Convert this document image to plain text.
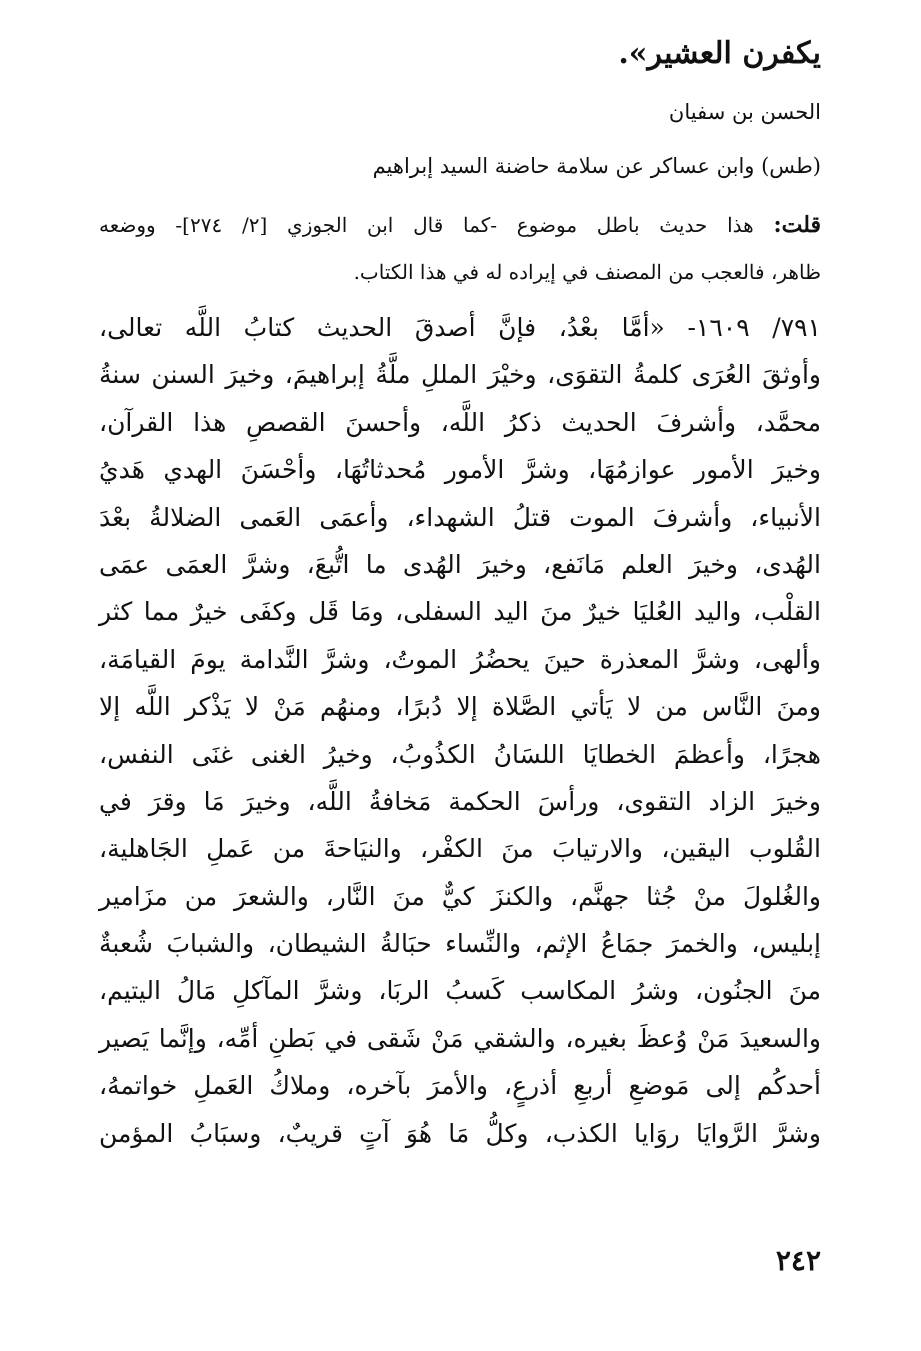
يكفرن العشير».
الحسن بن سفيان
(طس) وابن عساكر عن سلامة حاضنة السيد إبراهيم
قلت: هذا حديث باطل موضوع -كما قال ابن الجوزي [٢/ ٢٧٤]- ووضعه
ظاهر، فالعجب من المصنف في إيراده له في هذا الكتاب.
٧٩١/ ١٦٠٩- «أمَّا بعْدُ، فإنَّ أصدقَ الحديث كتابُ اللَّه تعالى،
وأوثقَ العُرَى كلمةُ التقوَى، وخيْرَ المللِ ملَّةُ إبراهيمَ، وخيرَ السنن سنةُ
محمَّد، وأشرفَ الحديث ذكرُ اللَّه، وأحسنَ القصصِ هذا القرآن،
وخيرَ الأمور عوازمُهَا، وشرَّ الأمور مُحدثاتُهَا، وأحْسَنَ الهدي هَديُ
الأنبياء، وأشرفَ الموت قتلُ الشهداء، وأعمَى العَمى الضلالةُ بعْدَ
الهُدى، وخيرَ العلم مَانَفع، وخيرَ الهُدى ما اتُّبعَ، وشرَّ العمَى عمَى
القلْب، واليد العُليَا خيرٌ منَ اليد السفلى، ومَا قَل وكفَى خيرٌ مما كثر
وألهى، وشرَّ المعذرة حينَ يحضُرُ الموتُ، وشرَّ النَّدامة يومَ القيامَة،
ومنَ النَّاس من لا يَأتي الصَّلاة إلا دُبرًا، ومنهُم مَنْ لا يَذْكر اللَّه إلا
هجرًا، وأعظمَ الخطايَا اللسَانُ الكذُوبُ، وخيرُ الغنى غنَى النفس،
وخيرَ الزاد التقوى، ورأسَ الحكمة مَخافةُ اللَّه، وخيرَ مَا وقرَ في
القُلوب اليقين، والارتيابَ منَ الكفْر، والنيَاحةَ من عَملِ الجَاهلية،
والغُلولَ منْ جُثا جهنَّم، والكنزَ كيٌّ منَ النَّار، والشعرَ من مزَامير
إبليس، والخمرَ جمَاعُ الإثم، والنِّساء حبَالةُ الشيطان، والشبابَ شُعبةٌ
منَ الجنُون، وشرُ المكاسب كَسبُ الربَا، وشرَّ المآكلِ مَالُ اليتيم،
والسعيدَ مَنْ وُعظَ بغيره، والشقي مَنْ شَقى في بَطنِ أمِّه، وإنَّما يَصير
أحدكُم إلى مَوضعِ أربعِ أذرعٍ، والأمرَ بآخره، وملاكُ العَملِ خواتمهُ،
وشرَّ الرَّوايَا روَايا الكذب، وكلُّ مَا هُوَ آتٍ قريبٌ، وسبَابُ المؤمن
٢٤٢
